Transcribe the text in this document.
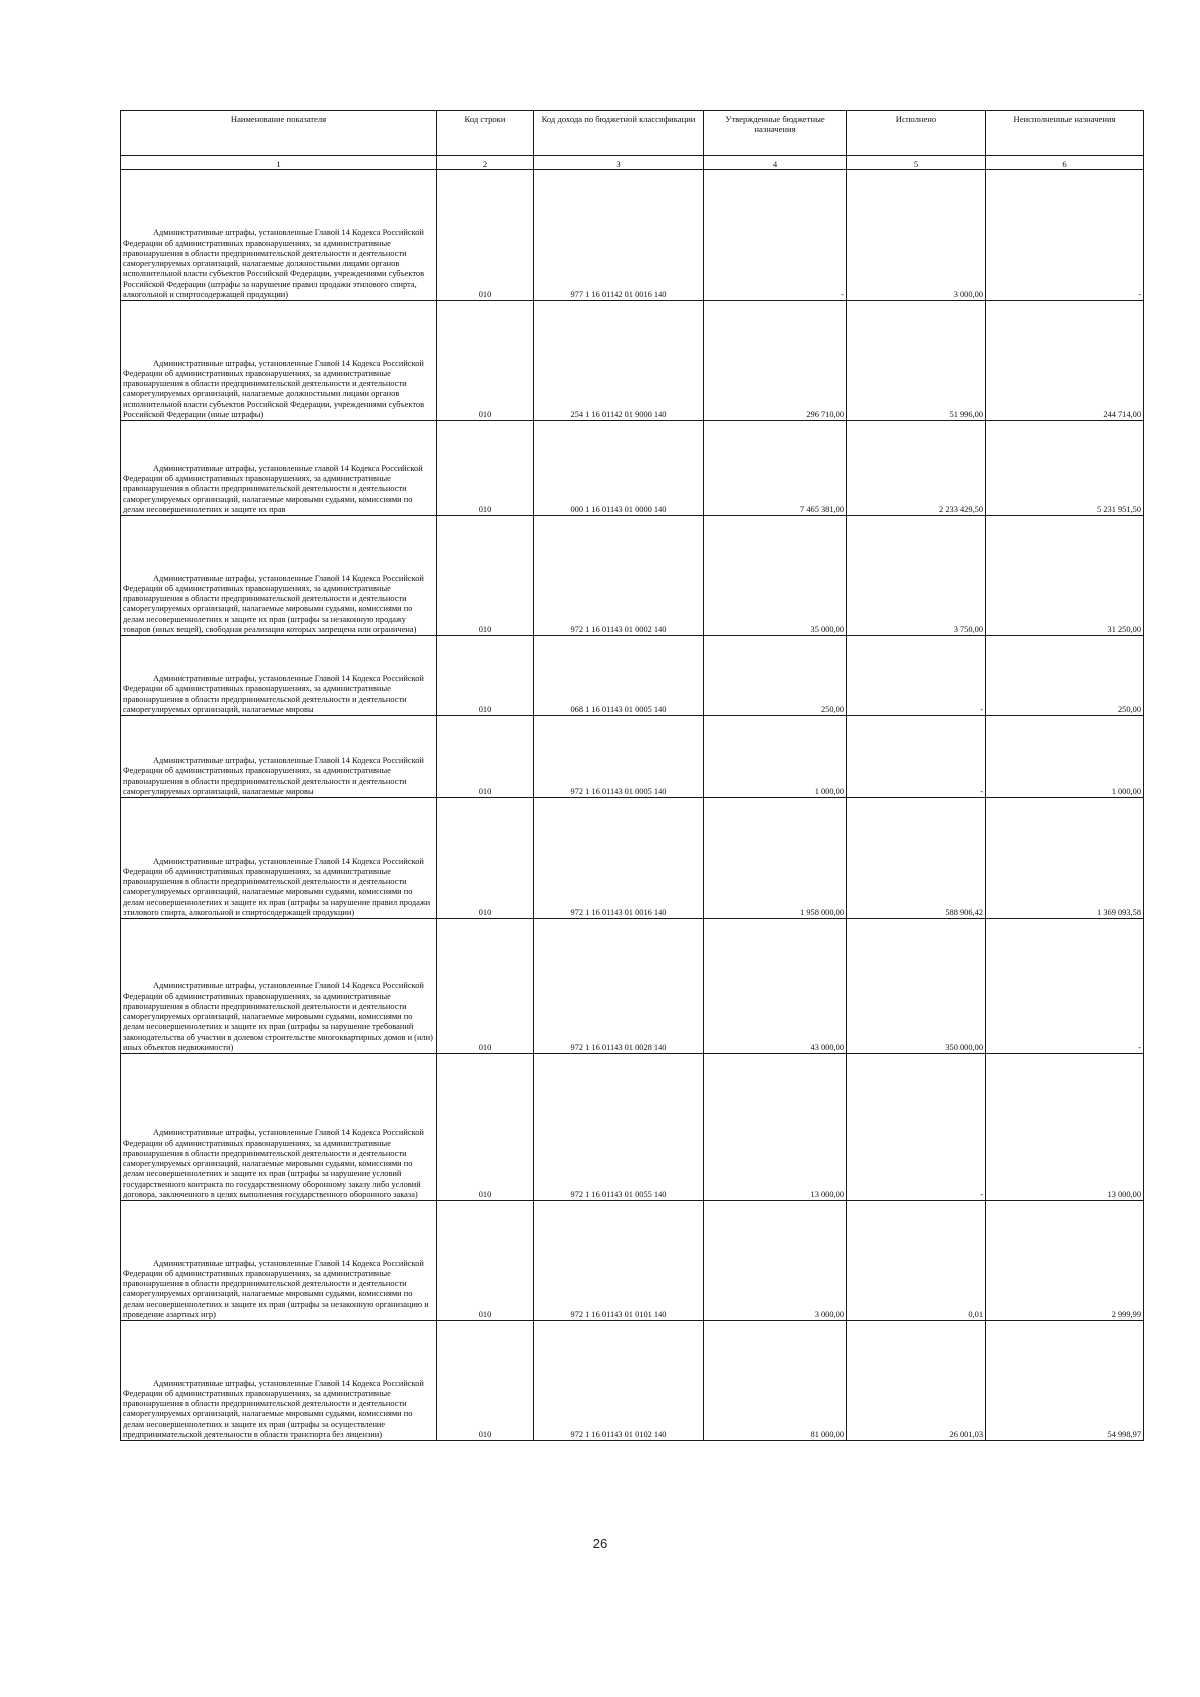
Наименование показателя	Код строки	Код дохода по бюджетной классификации	Утвержденные бюджетные назначения	Исполнено	Неисполненные назначения
1	2	3	4	5	6
Административные штрафы, установленные Главой 14 Кодекса Российской Федерации об административных правонарушениях, за административные правонарушения в области предпринимательской деятельности и деятельности саморегулируемых организаций, налагаемые должностными лицами органов исполнительной власти субъектов Российской Федерации, учреждениями субъектов Российской Федерации (штрафы за нарушение правил продажи этилового спирта, алкогольной и спиртосодержащей продукции)	010	977 1 16 01142 01 0016 140	-	3 000,00	-
Административные штрафы, установленные Главой 14 Кодекса Российской Федерации об административных правонарушениях, за административные правонарушения в области предпринимательской деятельности и деятельности саморегулируемых организаций, налагаемые должностными лицами органов исполнительной власти субъектов Российской Федерации, учреждениями субъектов Российской Федерации (иные штрафы)	010	254 1 16 01142 01 9000 140	296 710,00	51 996,00	244 714,00
Административные штрафы, установленные главой 14 Кодекса Российской Федерации об административных правонарушениях, за административные правонарушения в области предпринимательской деятельности и деятельности саморегулируемых организаций, налагаемые мировыми судьями, комиссиями по делам несовершеннолетних и защите их прав	010	000 1 16 01143 01 0000 140	7 465 381,00	2 233 429,50	5 231 951,50
Административные штрафы, установленные Главой 14 Кодекса Российской Федерации об административных правонарушениях, за административные правонарушения в области предпринимательской деятельности и деятельности саморегулируемых организаций, налагаемые мировыми судьями, комиссиями по делам несовершеннолетних и защите их прав (штрафы за незаконную продажу товаров (иных вещей), свободная реализация которых запрещена или ограничена)	010	972 1 16 01143 01 0002 140	35 000,00	3 750,00	31 250,00
Административные штрафы, установленные Главой 14 Кодекса Российской Федерации об административных правонарушениях, за административные правонарушения в области предпринимательской деятельности и деятельности саморегулируемых организаций, налагаемые мировы	010	068 1 16 01143 01 0005 140	250,00	-	250,00
Административные штрафы, установленные Главой 14 Кодекса Российской Федерации об административных правонарушениях, за административные правонарушения в области предпринимательской деятельности и деятельности саморегулируемых организаций, налагаемые мировы	010	972 1 16 01143 01 0005 140	1 000,00	-	1 000,00
Административные штрафы, установленные Главой 14 Кодекса Российской Федерации об административных правонарушениях, за административные правонарушения в области предпринимательской деятельности и деятельности саморегулируемых организаций, налагаемые мировыми судьями, комиссиями по делам несовершеннолетних и защите их прав (штрафы за нарушение правил продажи этилового спирта, алкогольной и спиртосодержащей продукции)	010	972 1 16 01143 01 0016 140	1 958 000,00	588 906,42	1 369 093,58
Административные штрафы, установленные Главой 14 Кодекса Российской Федерации об административных правонарушениях, за административные правонарушения в области предпринимательской деятельности и деятельности саморегулируемых организаций, налагаемые мировыми судьями, комиссиями по делам несовершеннолетних и защите их прав (штрафы за нарушение требований законодательства об участии в долевом строительстве многоквартирных домов и (или) иных объектов недвижимости)	010	972 1 16 01143 01 0028 140	43 000,00	350 000,00	-
Административные штрафы, установленные Главой 14 Кодекса Российской Федерации об административных правонарушениях, за административные правонарушения в области предпринимательской деятельности и деятельности саморегулируемых организаций, налагаемые мировыми судьями, комиссиями по делам несовершеннолетних и защите их прав (штрафы за нарушение условий государственного контракта по государственному оборонному заказу либо условий договора, заключенного в целях выполнения государственного оборонного заказа)	010	972 1 16 01143 01 0055 140	13 000,00	-	13 000,00
Административные штрафы, установленные Главой 14 Кодекса Российской Федерации об административных правонарушениях, за административные правонарушения в области предпринимательской деятельности и деятельности саморегулируемых организаций, налагаемые мировыми судьями, комиссиями по делам несовершеннолетних и защите их прав (штрафы за незаконную организацию и проведение азартных игр)	010	972 1 16 01143 01 0101 140	3 000,00	0,01	2 999,99
Административные штрафы, установленные Главой 14 Кодекса Российской Федерации об административных правонарушениях, за административные правонарушения в области предпринимательской деятельности и деятельности саморегулируемых организаций, налагаемые мировыми судьями, комиссиями по делам несовершеннолетних и защите их прав (штрафы за осуществление предпринимательской деятельности в области транспорта без лицензии)	010	972 1 16 01143 01 0102 140	81 000,00	26 001,03	54 998,97
26
